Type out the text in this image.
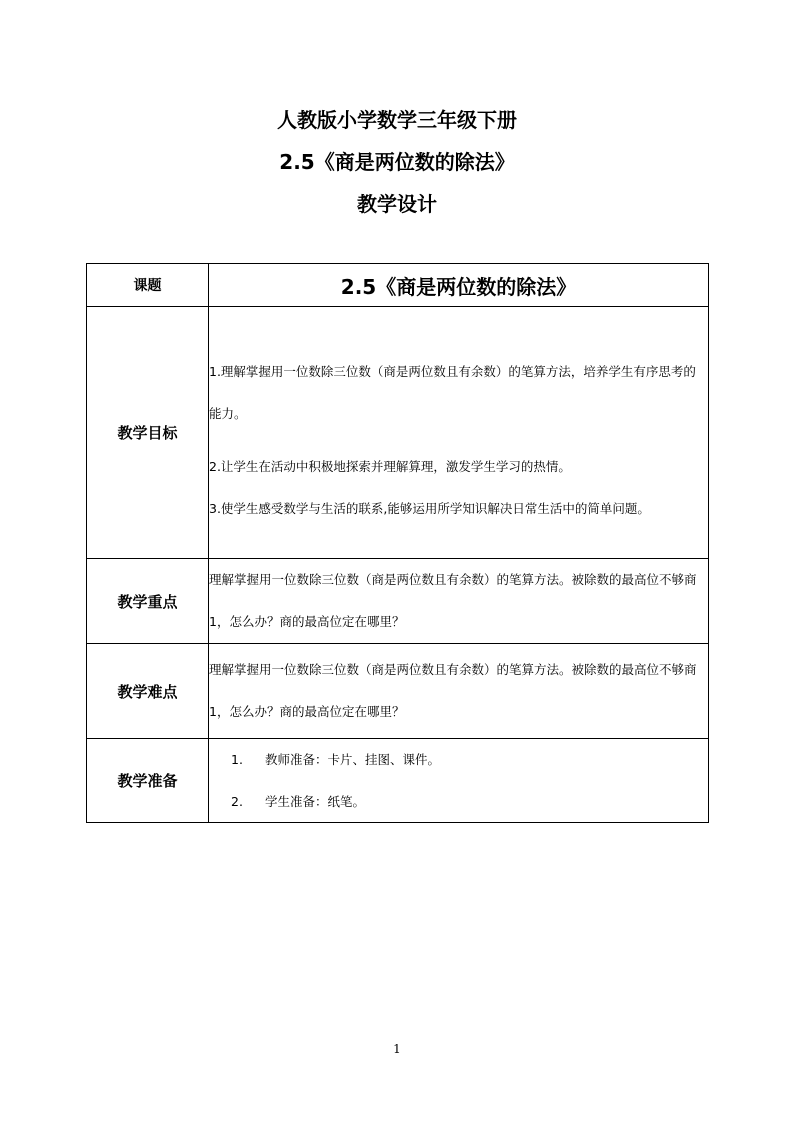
人教版小学数学三年级下册
2.5《商是两位数的除法》
教学设计
课题	2.5《商是两位数的除法》
教学目标	1.理解掌握用一位数除三位数（商是两位数且有余数）的笔算方法，培养学生有序思考的能力。

2.让学生在活动中积极地探索并理解算理，激发学生学习的热情。

3.使学生感受数学与生活的联系,能够运用所学知识解决日常生活中的简单问题。

教学重点	理解掌握用一位数除三位数（商是两位数且有余数）的笔算方法。被除数的最高位不够商 1，怎么办？商的最高位定在哪里？

教学难点	理解掌握用一位数除三位数（商是两位数且有余数）的笔算方法。被除数的最高位不够商 1，怎么办？商的最高位定在哪里？

教学准备	1. 教师准备：卡片、挂图、课件。
2. 学生准备：纸笔。
1
